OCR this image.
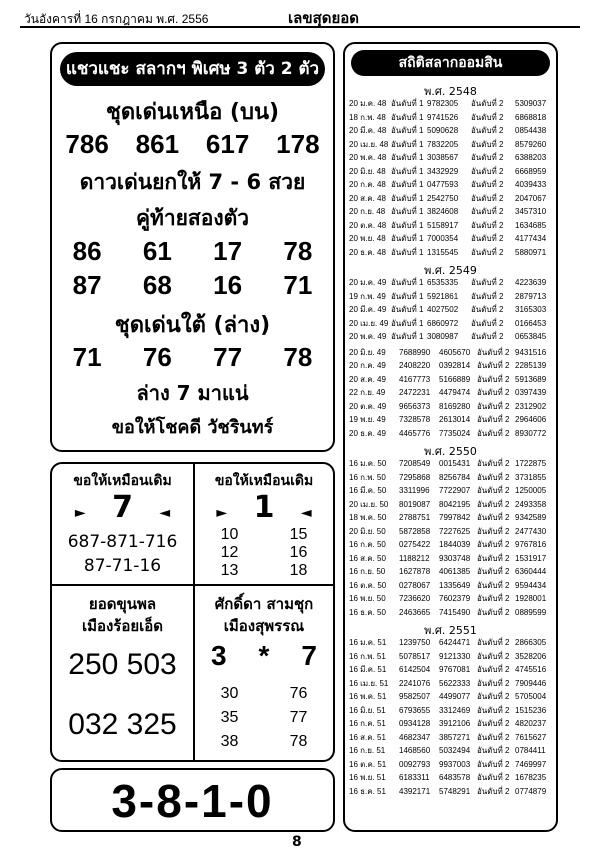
วันอังคารที่ 16 กรกฎาคม พ.ศ. 2556	เลขสุดยอด
แชวแชะ สลากฯ พิเศษ 3 ตัว 2 ตัว
ชุดเด่นเหนือ (บน)
786 861 617 178
ดาวเด่นยกให้ 7 - 6 สวย
คู่ท้ายสองตัว
86 61 17 78
87 68 16 71
ชุดเด่นใต้ (ล่าง)
71 76 77 78
ล่าง 7 มาแน่
ขอให้โชคดี วัชรินทร์
ขอให้เหมือนเดิม
► 7 ◄
687-871-716
87-71-16
ขอให้เหมือนเดิม
► 1 ◄
10	15
12	16
13	18
ยอดขุนพล
เมืองร้อยเอ็ด
250 503
032 325
ศักดิ์ดา สามชุก
เมืองสุพรรณ
3 * 7
30	76
35	77
38	78
3-8-1-0
8
สถิติสลากออมสิน
พ.ศ. 2548
20 ม.ค. 48 อันดับที่ 1 9782305 อันดับที่ 2 5309037
18 ก.พ. 48 อันดับที่ 1 9741526 อันดับที่ 2 6868818
20 มี.ค. 48 อันดับที่ 1 5090628 อันดับที่ 2 0854438
20 เม.ย. 48 อันดับที่ 1 7832205 อันดับที่ 2 8579260
20 พ.ค. 48 อันดับที่ 1 3038567 อันดับที่ 2 6388203
20 มิ.ย. 48 อันดับที่ 1 3432929 อันดับที่ 2 6668959
20 ก.ค. 48 อันดับที่ 1 0477593 อันดับที่ 2 4039433
20 ส.ค. 48 อันดับที่ 1 2542750 อันดับที่ 2 2047067
20 ก.ย. 48 อันดับที่ 1 3824608 อันดับที่ 2 3457310
20 ต.ค. 48 อันดับที่ 1 5158917 อันดับที่ 2 1634685
20 พ.ย. 48 อันดับที่ 1 7000354 อันดับที่ 2 4177434
20 ธ.ค. 48 อันดับที่ 1 1315545 อันดับที่ 2 5880971
พ.ศ. 2549
20 ม.ค. 49 อันดับที่ 1 6535335 อันดับที่ 2 4223639
19 ก.พ. 49 อันดับที่ 1 5921861 อันดับที่ 2 2879713
20 มี.ค. 49 อันดับที่ 1 4027502 อันดับที่ 2 3165303
20 เม.ย. 49 อันดับที่ 1 6860972 อันดับที่ 2 0166453
20 พ.ค. 49 อันดับที่ 1 3080987 อันดับที่ 2 0653845
20 มิ.ย. 49 7688990 4605670 อันดับที่ 2 9431516
20 ก.ค. 49 2408220 0392814 อันดับที่ 2 2285139
20 ส.ค. 49 4167773 5166889 อันดับที่ 2 5913689
22 ก.ย. 49 2472231 4479474 อันดับที่ 2 0397439
20 ต.ค. 49 9656373 8169280 อันดับที่ 2 2312902
19 พ.ย. 49 7328578 2613014 อันดับที่ 2 2964606
20 ธ.ค. 49 4465776 7735024 อันดับที่ 2 8930772
พ.ศ. 2550
16 ม.ค. 50 7208549 0015431 อันดับที่ 2 1722875
16 ก.พ. 50 7295868 8256784 อันดับที่ 2 3731855
16 มี.ค. 50 3311996 7722907 อันดับที่ 2 1250005
20 เม.ย. 50 8019087 8042195 อันดับที่ 2 2493358
18 พ.ค. 50 2788751 7997842 อันดับที่ 2 9342589
20 มิ.ย. 50 5872858 7227625 อันดับที่ 2 2477430
16 ก.ค. 50 0275422 1844039 อันดับที่ 2 9767816
16 ส.ค. 50 1188212 9303748 อันดับที่ 2 1531917
16 ก.ย. 50 1627878 4061385 อันดับที่ 2 6360444
16 ต.ค. 50 0278067 1335649 อันดับที่ 2 9594434
16 พ.ย. 50 7236620 7602379 อันดับที่ 2 1928001
16 ธ.ค. 50 2463665 7415490 อันดับที่ 2 0889599
พ.ศ. 2551
16 ม.ค. 51 1239750 6424471 อันดับที่ 2 2866305
16 ก.พ. 51 5078517 9121330 อันดับที่ 2 3528206
16 มี.ค. 51 6142504 9767081 อันดับที่ 2 4745516
16 เม.ย. 51 2241076 5622333 อันดับที่ 2 7909446
16 พ.ค. 51 9582507 4499077 อันดับที่ 2 5705004
16 มิ.ย. 51 6793655 3312469 อันดับที่ 2 1515236
16 ก.ค. 51 0934128 3912106 อันดับที่ 2 4820237
16 ส.ค. 51 4682347 3857271 อันดับที่ 2 7615627
16 ก.ย. 51 1468560 5032494 อันดับที่ 2 0784411
16 ต.ค. 51 0092793 9937003 อันดับที่ 2 7469997
16 พ.ย. 51 6183311 6483578 อันดับที่ 2 1678235
16 ธ.ค. 51 4392171 5748291 อันดับที่ 2 0774879
